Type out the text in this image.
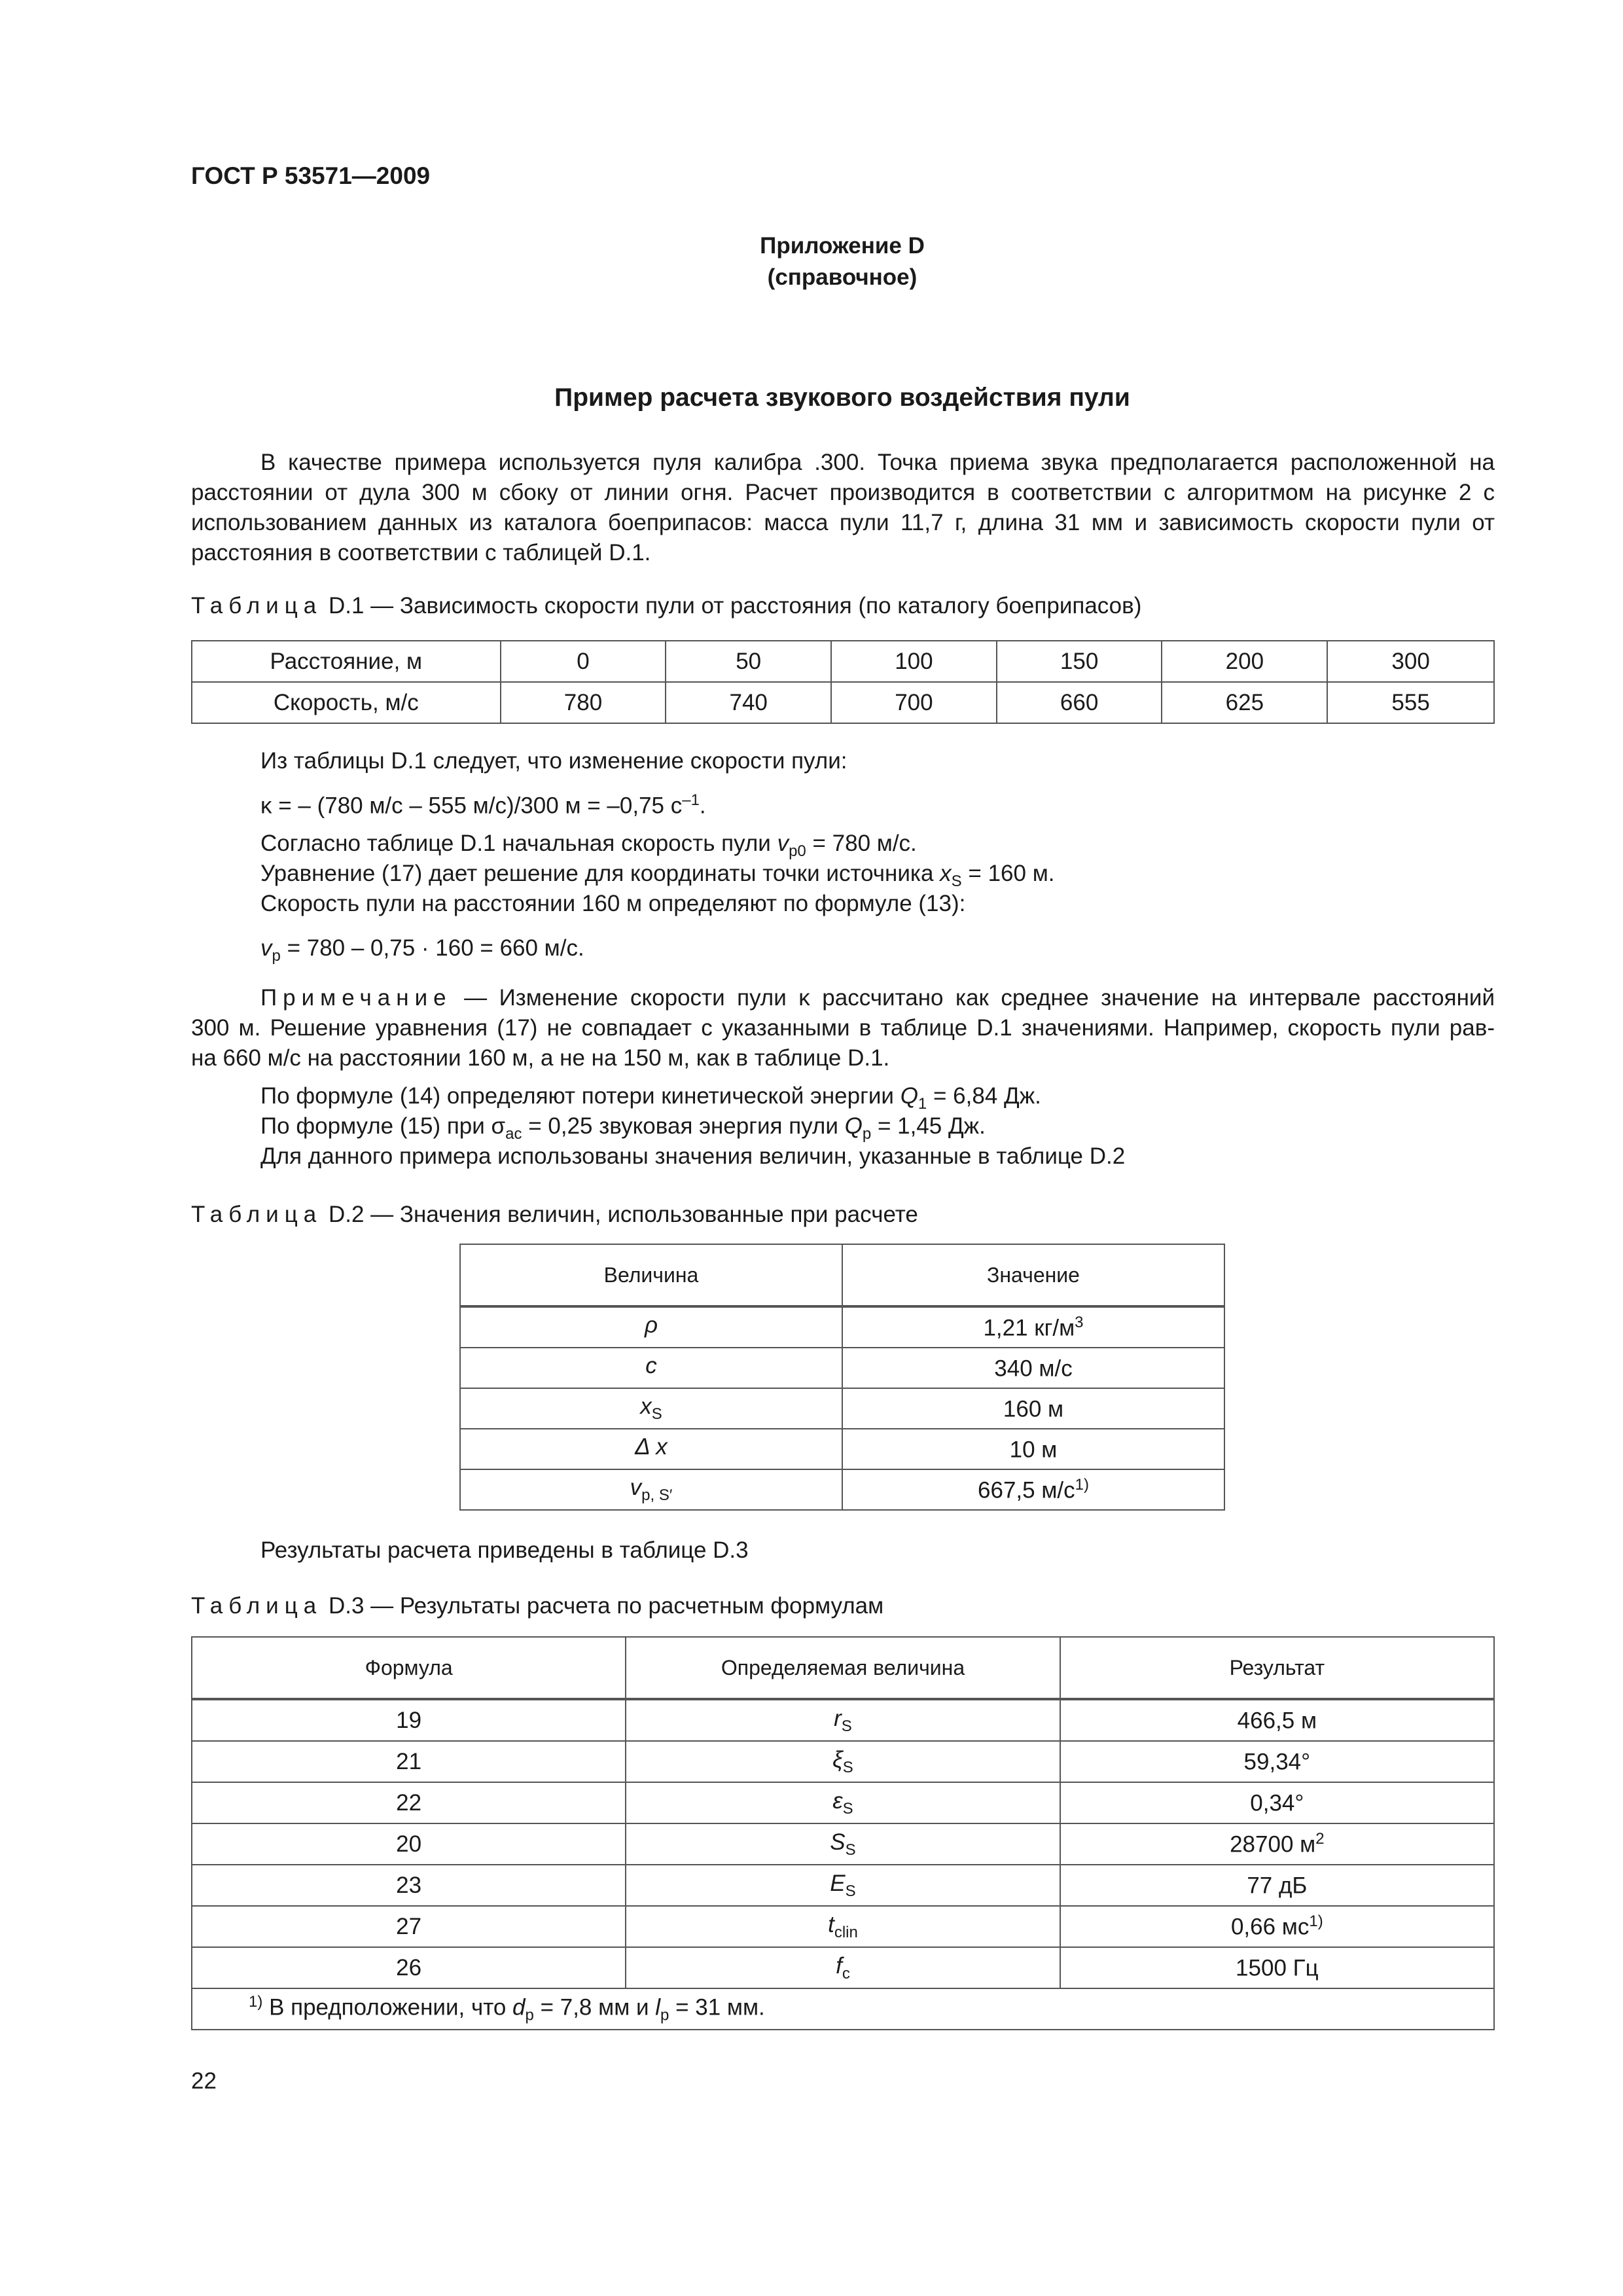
ГОСТ Р 53571—2009
Приложение D
(справочное)
Пример расчета звукового воздействия пули
В качестве примера используется пуля калибра .300. Точка приема звука предполагается расположенной на
расстоянии от дула 300 м сбоку от линии огня. Расчет производится в соответствии с алгоритмом на рисунке 2 с
использованием данных из каталога боеприпасов: масса пули 11,7 г, длина 31 мм и зависимость скорости пули от
расстояния в соответствии с таблицей D.1.
Таблица D.1 — Зависимость скорости пули от расстояния (по каталогу боеприпасов)
Расстояние, м	0	50	100	150	200	300
Скорость, м/с	780	740	700	660	625	555
Из таблицы D.1 следует, что изменение скорости пули:
κ = – (780 м/с – 555 м/с)/300 м = –0,75 $с^{-1}$.
Согласно таблице D.1 начальная скорость пули $v_{p0} = 780$ м/с.
Уравнение (17) дает решение для координаты точки источника $x_S = 160$ м.
Скорость пули на расстоянии 160 м определяют по формуле (13):
$v_p = 780 - 0,75 \cdot 160 = 660$ м/с.
Примечание — Изменение скорости пули κ рассчитано как среднее значение на интервале расстояний
300 м. Решение уравнения (17) не совпадает с указанными в таблице D.1 значениями. Например, скорость пули рав-
на 660 м/с на расстоянии 160 м, а не на 150 м, как в таблице D.1.
По формуле (14) определяют потери кинетической энергии $Q_1 = 6,84$ Дж.
По формуле (15) при $\sigma_{ac} = 0,25$ звуковая энергия пули $Q_p = 1,45$ Дж.
Для данного примера использованы значения величин, указанные в таблице D.2
Таблица D.2 — Значения величин, использованные при расчете
Величина	Значение
ρ	1,21 $кг/м^3$
c	340 м/с
$x_S$	160 м
Δ x	10 м
$v_{p, S'}$	667,5 $м/с^{1)}$
Результаты расчета приведены в таблице D.3
Таблица D.3 — Результаты расчета по расчетным формулам
Формула	Определяемая величина	Результат
19	$r_S$	466,5 м
21	$\xi_S$	59,34°
22	$\varepsilon_S$	0,34°
20	$S_S$	28700 $м^2$
23	$E_S$	77 дБ
27	$t_{clin}$	0,66 $мс^{1)}$
26	$f_c$	1500 Гц
$^{1)}$ В предположении, что $d_p = 7,8$ мм и $l_p = 31$ мм.		
22
